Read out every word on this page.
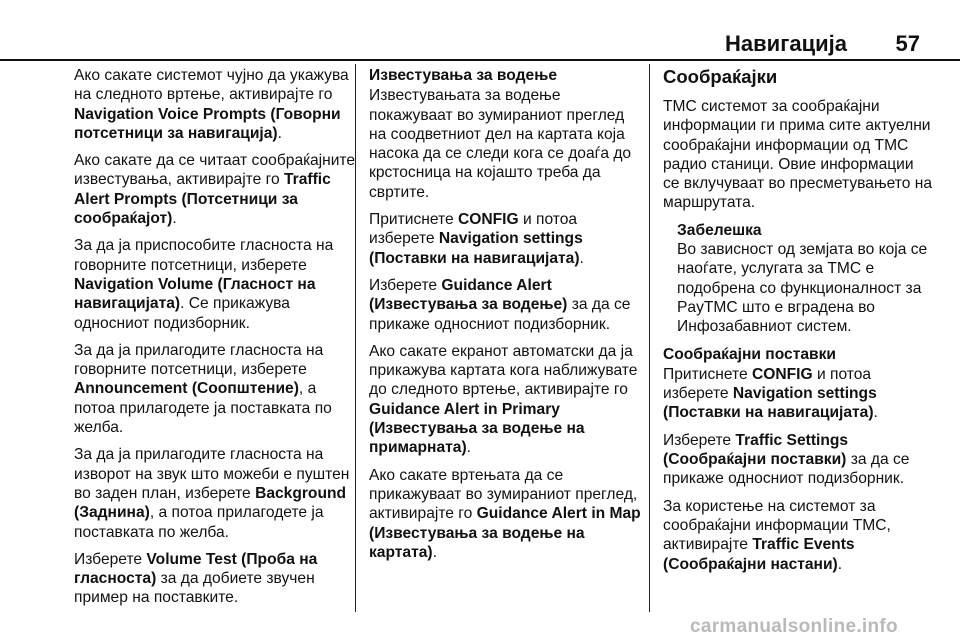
Навигација 57

Ако сакате системот чујно да укажува на следното вртење, активирајте го Navigation Voice Prompts (Говорни потсетници за навигација).

Ако сакате да се читаат сообраќајните известувања, активирајте го Traffic Alert Prompts (Потсетници за сообраќајот).

За да ја приспособите гласноста на говорните потсетници, изберете Navigation Volume (Гласност на навигацијата). Се прикажува односниот подизборник.

За да ја прилагодите гласноста на говорните потсетници, изберете Announcement (Соопштение), а потоа прилагодете ја поставката по желба.

За да ја прилагодите гласноста на изворот на звук што можеби е пуштен во заден план, изберете Background (Заднина), а потоа прилагодете ја поставката по желба.

Изберете Volume Test (Проба на гласноста) за да добиете звучен пример на поставките.

Известувања за водење

Известувањата за водење покажуваат во зумираниот преглед на соодветниот дел на картата која насока да се следи кога се доаѓа до крстосница на којашто треба да свртите.

Притиснете CONFIG и потоа изберете Navigation settings (Поставки на навигацијата).

Изберете Guidance Alert (Известувања за водење) за да се прикаже односниот подизборник.

Ако сакате екранот автоматски да ја прикажува картата кога наближувате до следното вртење, активирајте го Guidance Alert in Primary (Известувања за водење на примарната).

Ако сакате вртењата да се прикажуваат во зумираниот преглед, активирајте го Guidance Alert in Map (Известувања за водење на картата).

Сообраќајки

TMC системот за сообраќајни информации ги прима сите актуелни сообраќајни информации од TMC радио станици. Овие информации се вклучуваат во пресметувањето на маршрутата.

Забелешка
Во зависност од земјата во која се наоѓате, услугата за TMC е подобрена со функционалност за PayTMC што е вградена во Инфозабавниот систем.
Сообраќајни поставки

Притиснете CONFIG и потоа изберете Navigation settings (Поставки на навигацијата).

Изберете Traffic Settings (Сообраќајни поставки) за да се прикаже односниот подизборник.

За користење на системот за сообраќајни информации TMC, активирајте Traffic Events (Сообраќајни настани).

carmanualsonline.info
